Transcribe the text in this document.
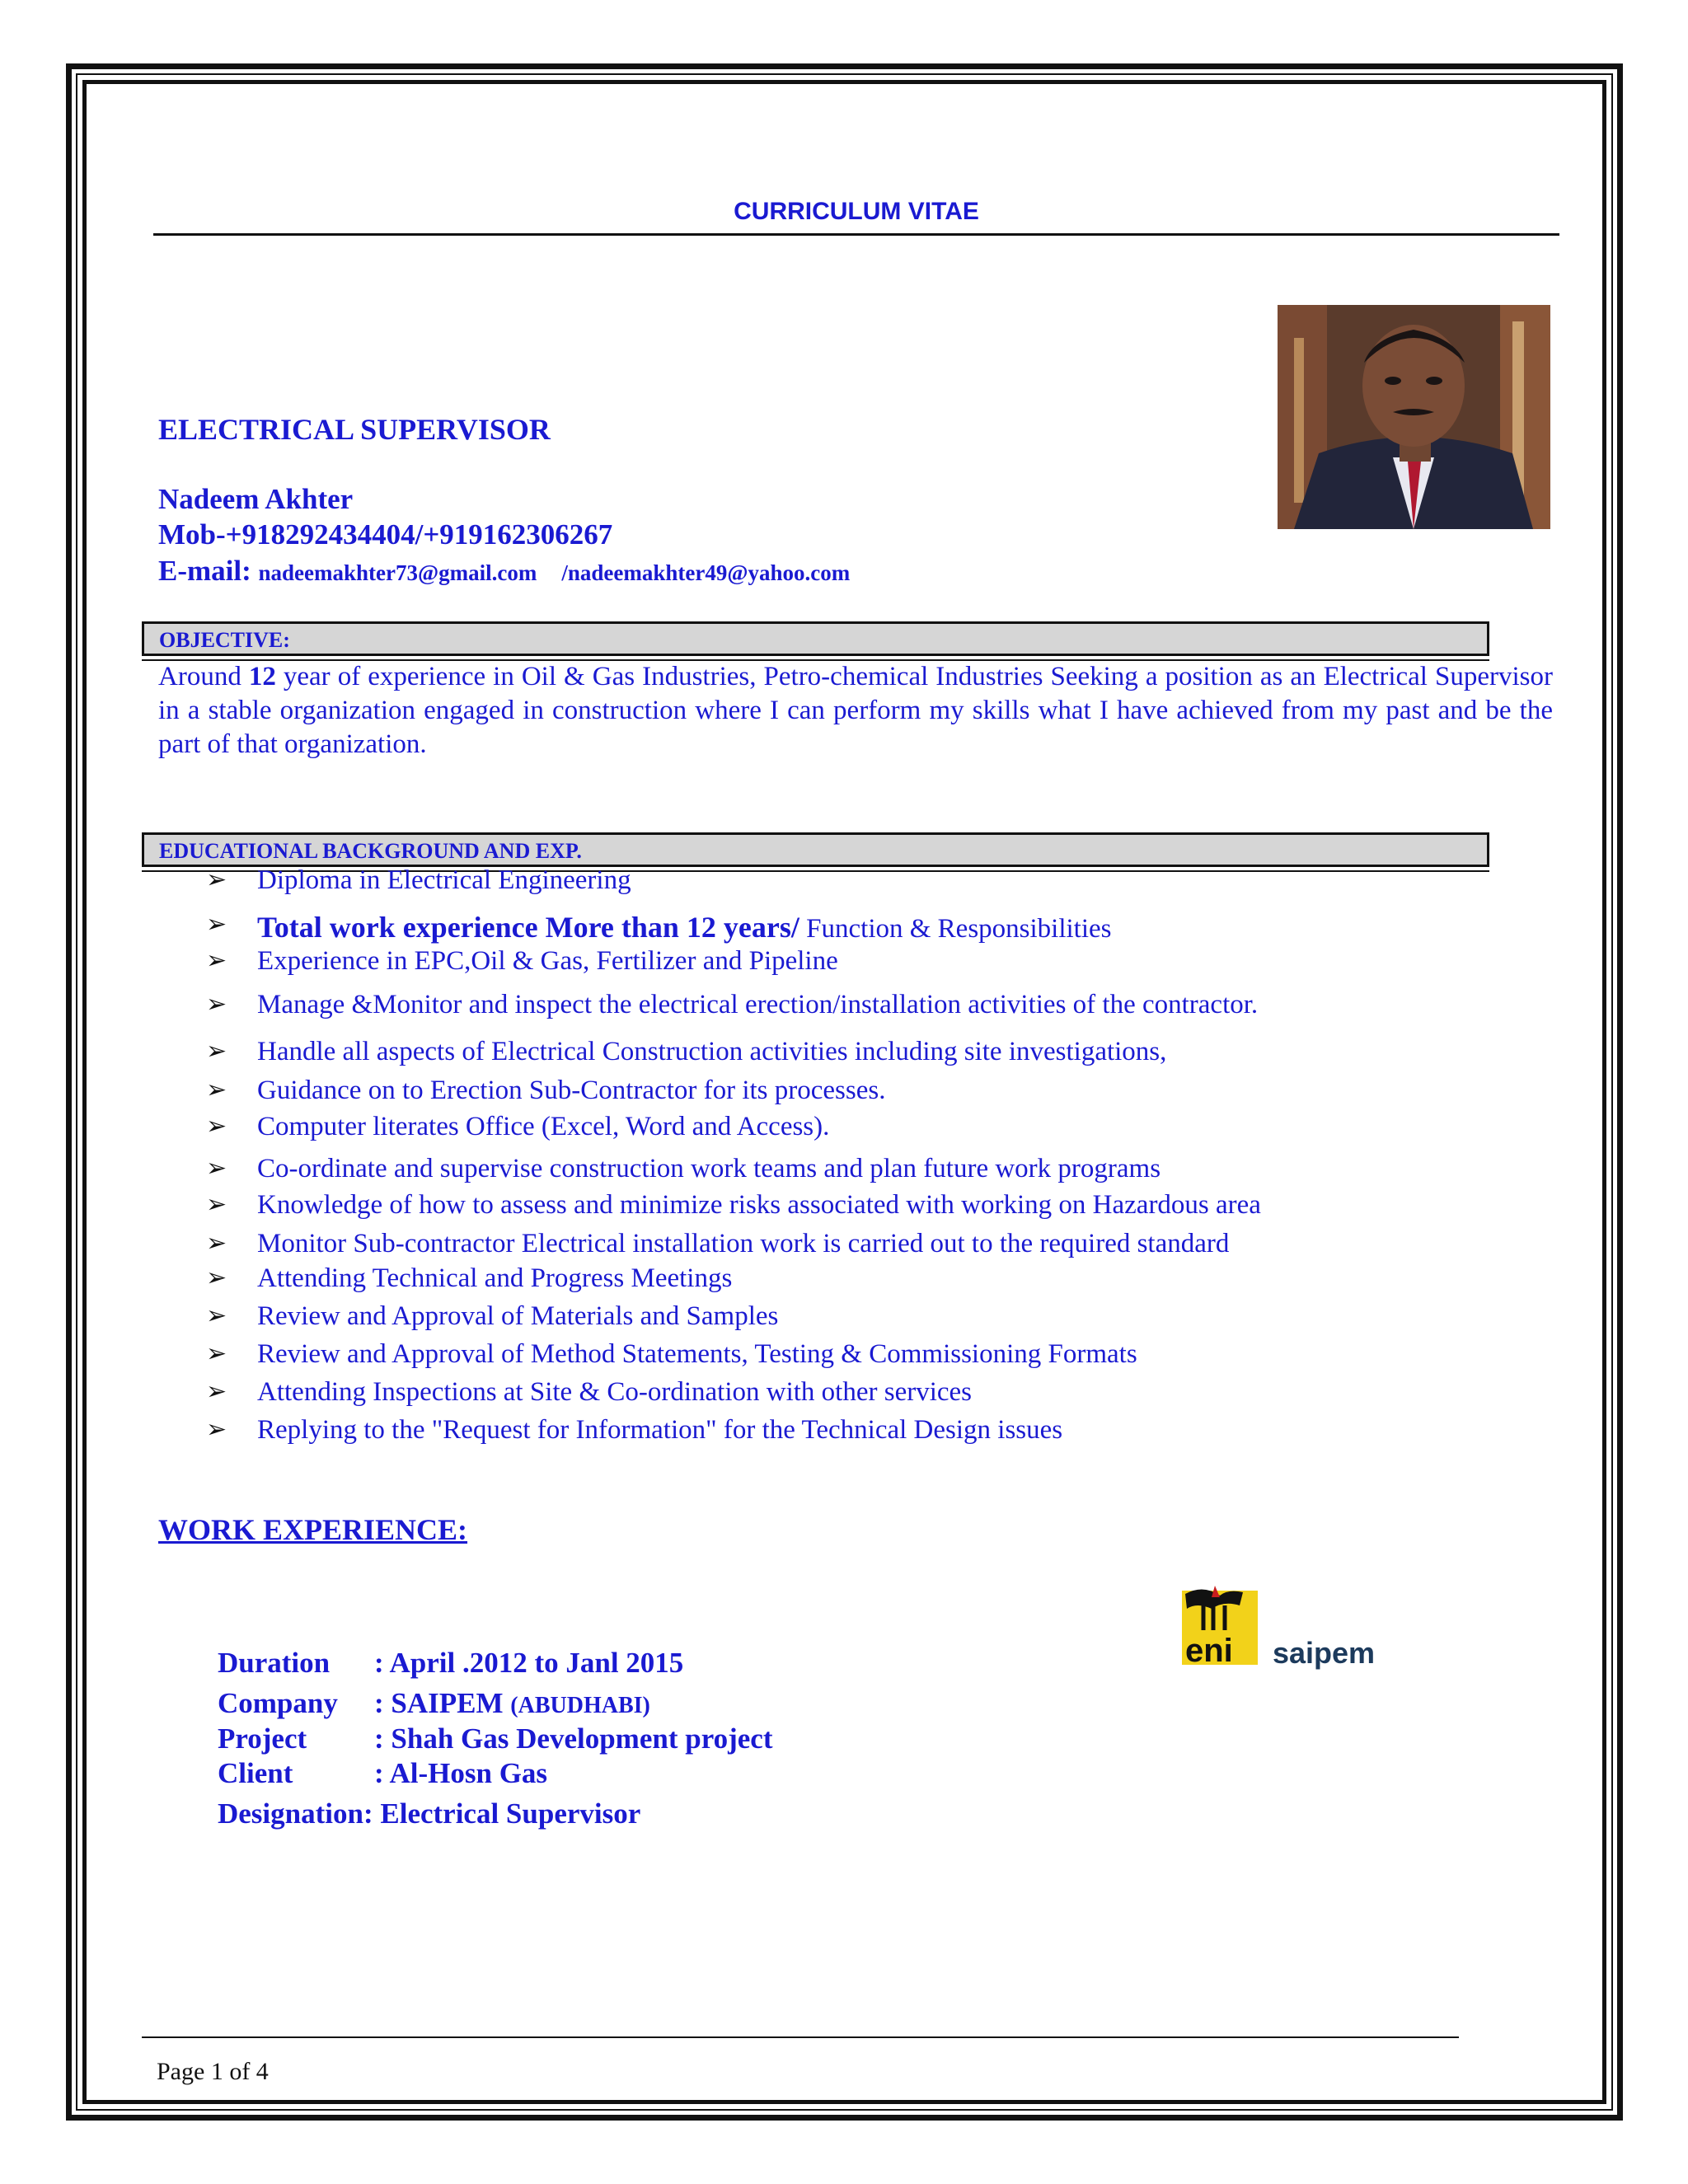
CURRICULUM VITAE
ELECTRICAL SUPERVISOR
Nadeem Akhter
Mob-+918292434404/+919162306267
E-mail: nadeemakhter73@gmail.com /nadeemakhter49@yahoo.com
OBJECTIVE:
Around 12 year of experience in Oil & Gas Industries, Petro-chemical Industries Seeking a position as an Electrical Supervisor in a stable organization engaged in construction where I can perform my skills what I have achieved from my past and be the part of that organization.
EDUCATIONAL BACKGROUND AND EXP.
➢ Diploma in Electrical Engineering
➢ Total work experience More than 12 years/ Function & Responsibilities
➢ Experience in EPC,Oil & Gas, Fertilizer and Pipeline
➢ Manage &Monitor and inspect the electrical erection/installation activities of the contractor.
➢ Handle all aspects of Electrical Construction activities including site investigations,
➢ Guidance on to Erection Sub-Contractor for its processes.
➢ Computer literates Office (Excel, Word and Access).
➢ Co-ordinate and supervise construction work teams and plan future work programs
➢ Knowledge of how to assess and minimize risks associated with working on Hazardous area
➢ Monitor Sub-contractor Electrical installation work is carried out to the required standard
➢ Attending Technical and Progress Meetings
➢ Review and Approval of Materials and Samples
➢ Review and Approval of Method Statements, Testing & Commissioning Formats
➢ Attending Inspections at Site & Co-ordination with other services
➢ Replying to the "Request for Information" for the Technical Design issues
WORK EXPERIENCE:
eni saipem
Duration : April .2012 to Janl 2015
Company : SAIPEM (ABUDHABI)
Project : Shah Gas Development project
Client	: Al-Hosn Gas
Designation: Electrical Supervisor
Page 1 of 4
